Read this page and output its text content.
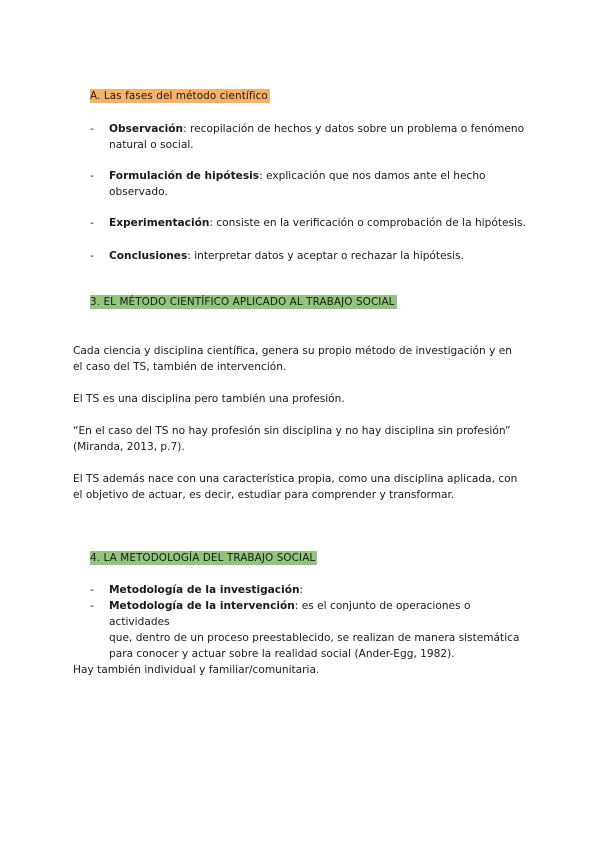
A. Las fases del método científico
-	Observación: recopilación de hechos y datos sobre un problema o fenómeno
natural o social.
-	Formulación de hipótesis: explicación que nos damos ante el hecho
observado.
-	Experimentación: consiste en la verificación o comprobación de la hipótesis.
-	Conclusiones: interpretar datos y aceptar o rechazar la hipótesis.
3. EL MÉTODO CIENTÍFICO APLICADO AL TRABAJO SOCIAL
Cada ciencia y disciplina científica, genera su propio método de investigación y en
el caso del TS, también de intervención.
El TS es una disciplina pero también una profesión.
“En el caso del TS no hay profesión sin disciplina y no hay disciplina sin profesión”
(Miranda, 2013, p.7).
El TS además nace con una característica propia, como una disciplina aplicada, con
el objetivo de actuar, es decir, estudiar para comprender y transformar.
4. LA METODOLOGÍA DEL TRABAJO SOCIAL
-	Metodología de la investigación:
-	Metodología de la intervención: es el conjunto de operaciones o actividades
que, dentro de un proceso preestablecido, se realizan de manera sistemática
para conocer y actuar sobre la realidad social (Ander-Egg, 1982).
Hay también individual y familiar/comunitaria.
